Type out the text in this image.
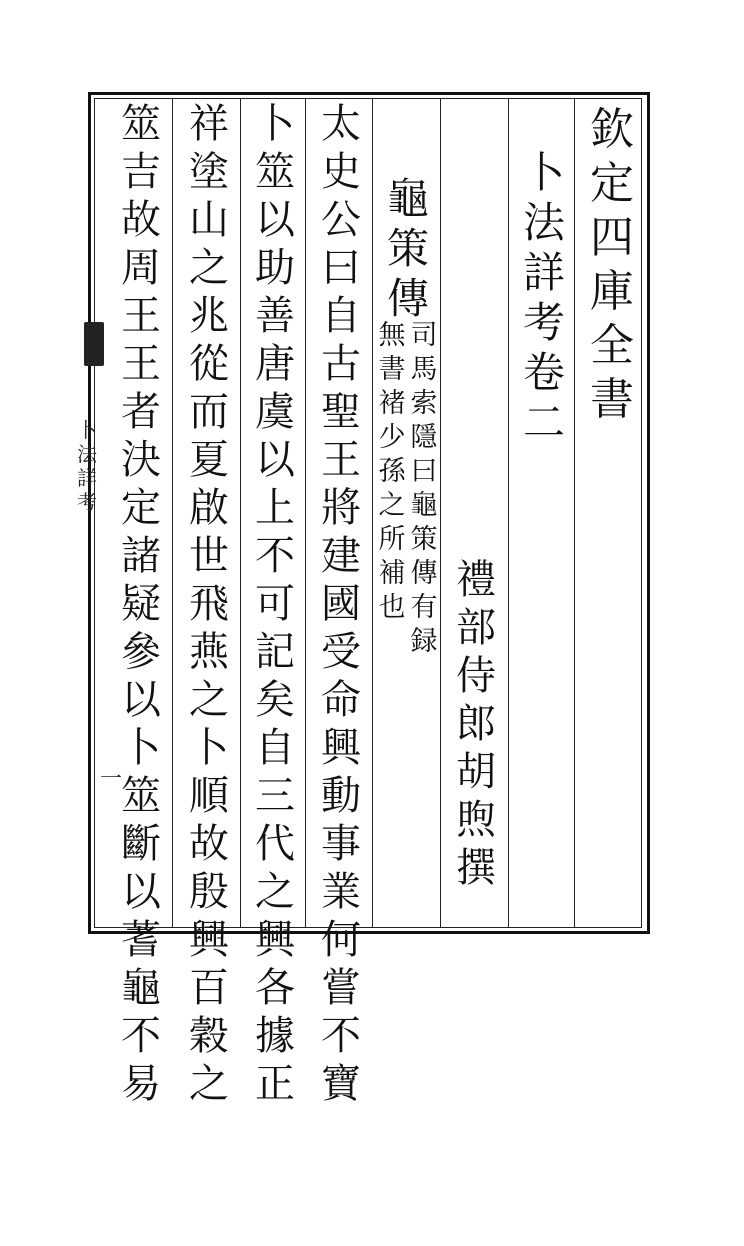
欽
定
四
庫
全
書
卜
法
詳
考
卷
二
禮
部
侍
郎
胡
煦
撰
龜
策
傳
司
馬
索
隱
曰
龜
策
傳
有
録
無
書
褚
少
孫
之
所
補
也
太
史
公
曰
自
古
聖
王
將
建
國
受
命
興
動
事
業
何
嘗
不
寶
卜
筮
以
助
善
唐
虞
以
上
不
可
記
矣
自
三
代
之
興
各
據
正
祥
塗
山
之
兆
從
而
夏
啟
世
飛
燕
之
卜
順
故
殷
興
百
穀
之
筮
吉
故
周
王
王
者
決
定
諸
疑
參
以
卜
筮
斷
以
蓍
龜
不
易
卜
法
詳
考
一
